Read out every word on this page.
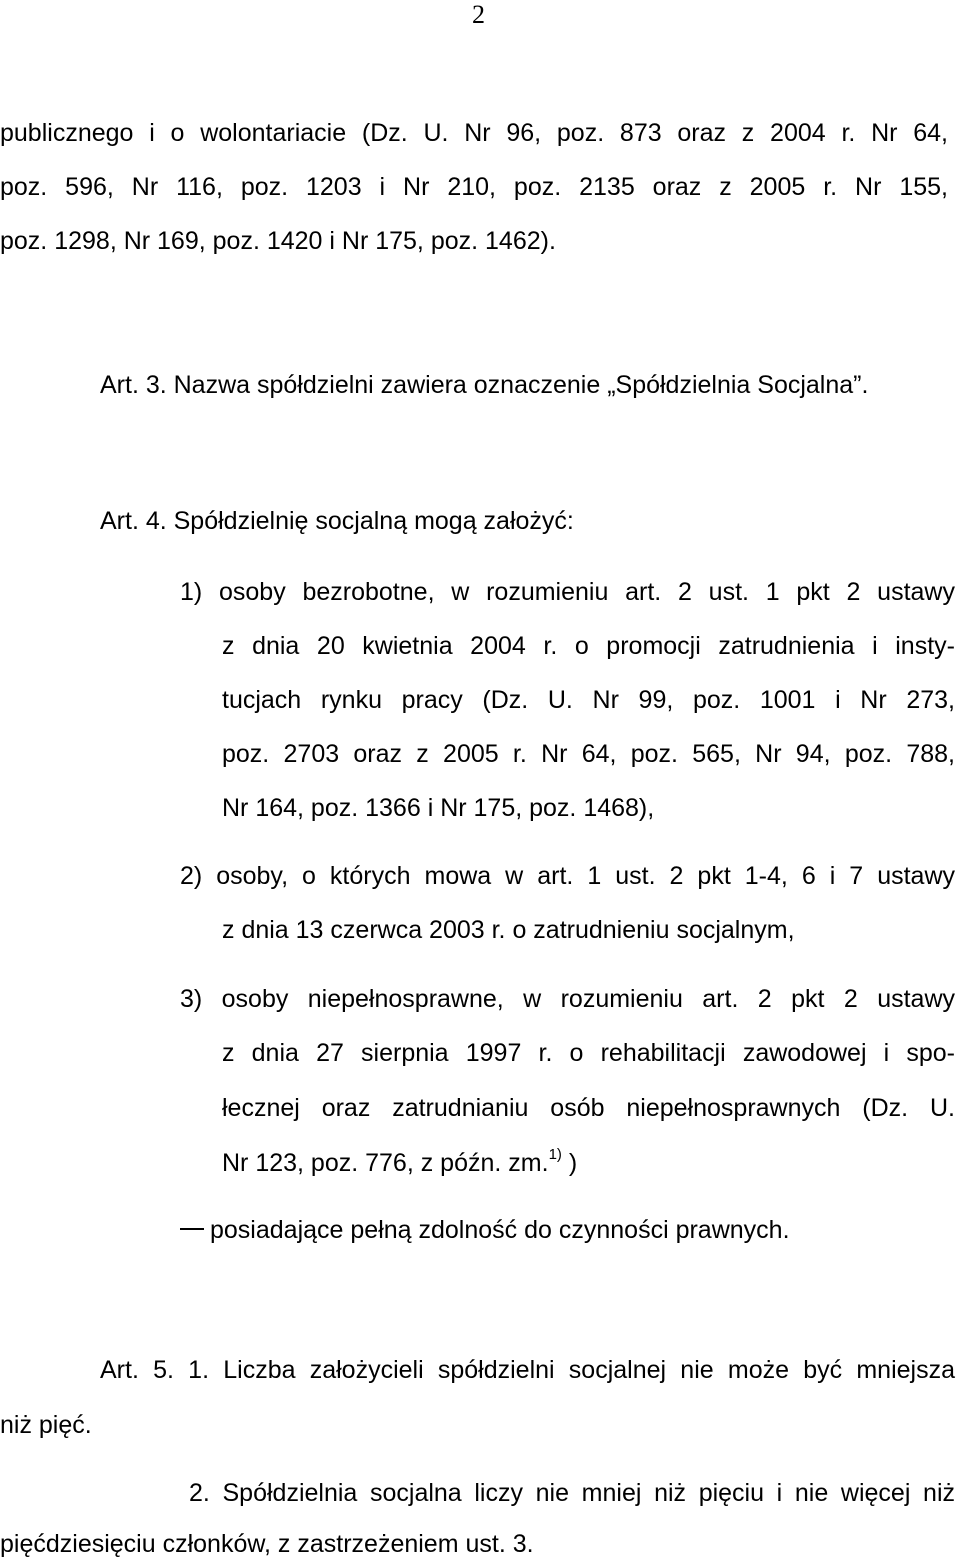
2
publicznego i o wolontariacie (Dz. U. Nr 96, poz. 873 oraz z 2004 r. Nr 64,
poz. 596, Nr 116, poz. 1203 i Nr 210, poz. 2135 oraz z 2005 r. Nr 155,
poz. 1298, Nr 169, poz. 1420 i Nr 175, poz. 1462).
Art. 3. Nazwa spółdzielni zawiera oznaczenie „Spółdzielnia Socjalna”.
Art. 4. Spółdzielnię socjalną mogą założyć:
1) osoby bezrobotne, w rozumieniu art. 2 ust. 1 pkt 2 ustawy
z dnia 20 kwietnia 2004 r. o promocji zatrudnienia i insty-
tucjach rynku pracy (Dz. U. Nr 99, poz. 1001 i Nr 273,
poz. 2703 oraz z 2005 r. Nr 64, poz. 565, Nr 94, poz. 788,
Nr 164, poz. 1366 i Nr 175, poz. 1468),
2) osoby, o których mowa w art. 1 ust. 2 pkt 1-4, 6 i 7 ustawy
z dnia 13 czerwca 2003 r. o zatrudnieniu socjalnym,
3) osoby niepełnosprawne, w rozumieniu art. 2 pkt 2 ustawy
z dnia 27 sierpnia 1997 r. o rehabilitacji zawodowej i spo-
łecznej oraz zatrudnianiu osób niepełnosprawnych (Dz. U.
Nr 123, poz. 776, z późn. zm.$^{1)}$ )
posiadające pełną zdolność do czynności prawnych.
Art. 5. 1. Liczba założycieli spółdzielni socjalnej nie może być mniejsza
niż pięć.
2. Spółdzielnia socjalna liczy nie mniej niż pięciu i nie więcej niż
pięćdziesięciu członków, z zastrzeżeniem ust. 3.
